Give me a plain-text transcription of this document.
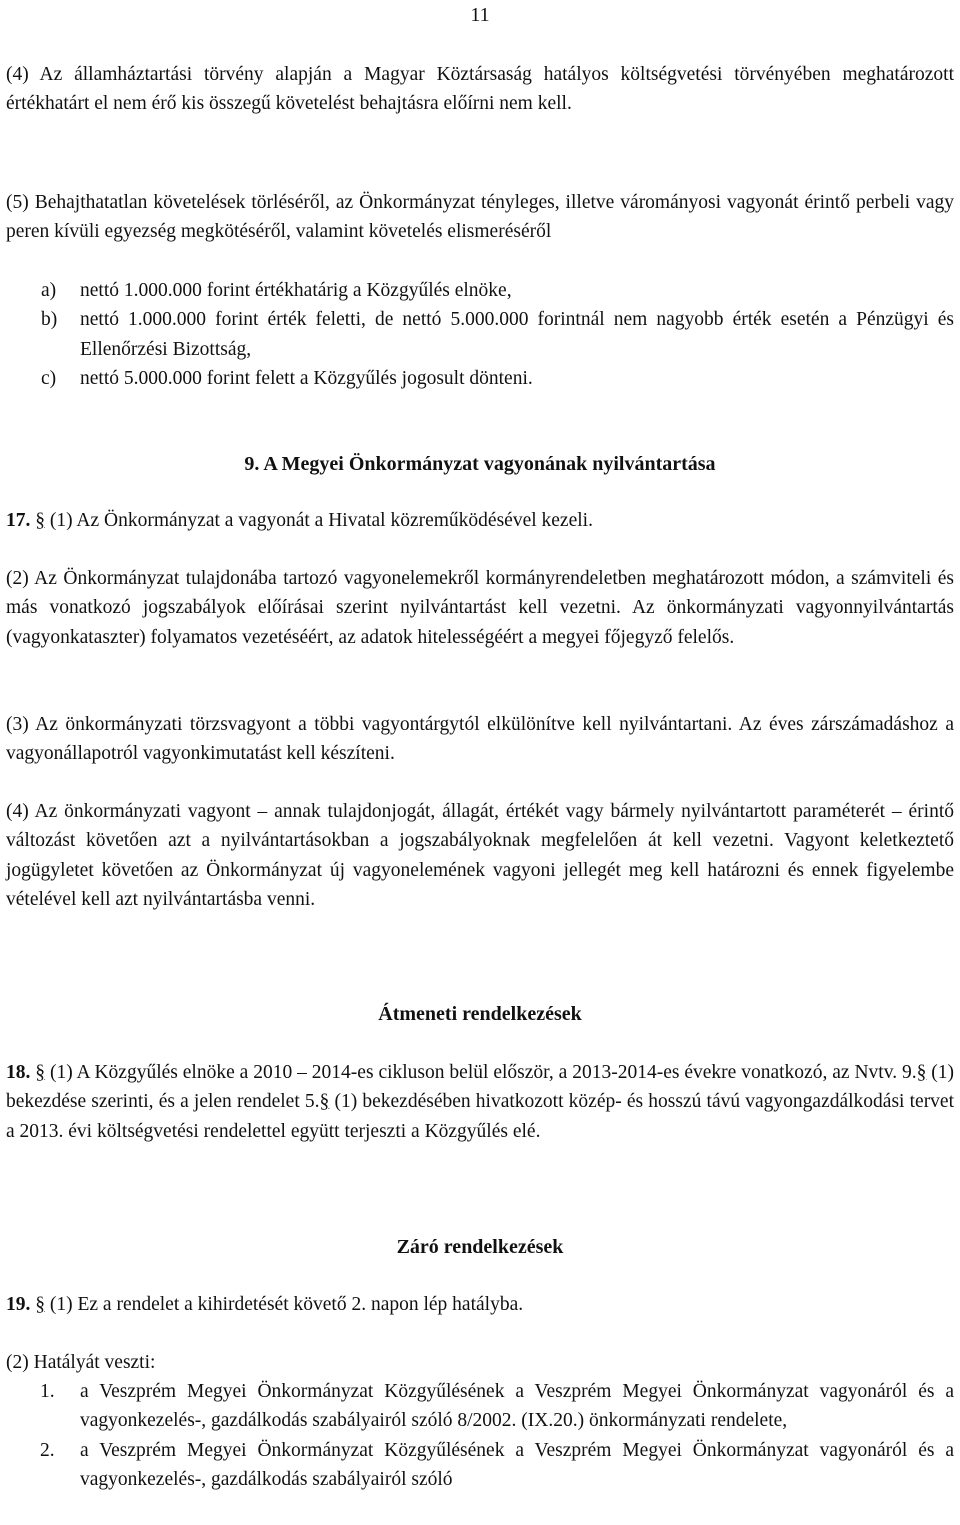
11

(4) Az államháztartási törvény alapján a Magyar Köztársaság hatályos költségvetési törvényében meghatározott értékhatárt el nem érő kis összegű követelést behajtásra előírni nem kell.

(5) Behajthatatlan követelések törléséről, az Önkormányzat tényleges, illetve várományosi vagyonát érintő perbeli vagy peren kívüli egyezség megkötéséről, valamint követelés elismeréséről

a) nettó 1.000.000 forint értékhatárig a Közgyűlés elnöke,
b) nettó 1.000.000 forint érték feletti, de nettó 5.000.000 forintnál nem nagyobb érték esetén a Pénzügyi és Ellenőrzési Bizottság,
c) nettó 5.000.000 forint felett a Közgyűlés jogosult dönteni.
9. A Megyei Önkormányzat vagyonának nyilvántartása

17. § (1) Az Önkormányzat a vagyonát a Hivatal közreműködésével kezeli.

(2) Az Önkormányzat tulajdonába tartozó vagyonelemekről kormányrendeletben meghatározott módon, a számviteli és más vonatkozó jogszabályok előírásai szerint nyilvántartást kell vezetni. Az önkormányzati vagyonnyilvántartás (vagyonkataszter) folyamatos vezetéséért, az adatok hitelességéért a megyei főjegyző felelős.

(3) Az önkormányzati törzsvagyont a többi vagyontárgytól elkülönítve kell nyilvántartani. Az éves zárszámadáshoz a vagyonállapotról vagyonkimutatást kell készíteni.

(4) Az önkormányzati vagyont – annak tulajdonjogát, állagát, értékét vagy bármely nyilvántartott paraméterét – érintő változást követően azt a nyilvántartásokban a jogszabályoknak megfelelően át kell vezetni. Vagyont keletkeztető jogügyletet követően az Önkormányzat új vagyonelemének vagyoni jellegét meg kell határozni és ennek figyelembe vételével kell azt nyilvántartásba venni.

Átmeneti rendelkezések

18. § (1) A Közgyűlés elnöke a 2010 – 2014-es cikluson belül először, a 2013-2014-es évekre vonatkozó, az Nvtv. 9.§ (1) bekezdése szerinti, és a jelen rendelet 5.§ (1) bekezdésében hivatkozott közép- és hosszú távú vagyongazdálkodási tervet a 2013. évi költségvetési rendelettel együtt terjeszti a Közgyűlés elé.

Záró rendelkezések

19. § (1) Ez a rendelet a kihirdetését követő 2. napon lép hatályba.

(2) Hatályát veszti:

1. a Veszprém Megyei Önkormányzat Közgyűlésének a Veszprém Megyei Önkormányzat vagyonáról és a vagyonkezelés-, gazdálkodás szabályairól szóló 8/2002. (IX.20.) önkormányzati rendelete,
2. a Veszprém Megyei Önkormányzat Közgyűlésének a Veszprém Megyei Önkormányzat vagyonáról és a vagyonkezelés-, gazdálkodás szabályairól szóló
